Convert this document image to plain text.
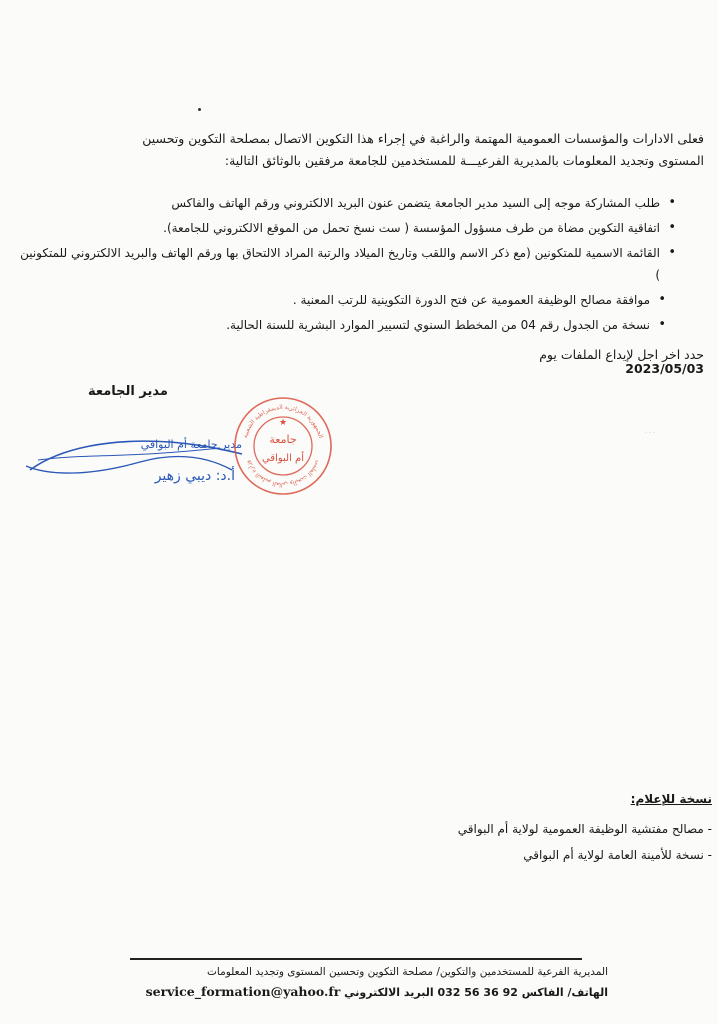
فعلى الادارات والمؤسسات العمومية المهتمة والراغبة في إجراء هذا التكوين الاتصال بمصلحة التكوين وتحسين

المستوى وتجديد المعلومات بالمديرية الفرعيـــة للمستخدمين للجامعة مرفقين بالوثائق التالية:

• طلب المشاركة موجه إلى السيد مدير الجامعة يتضمن عنون البريد الالكتروني ورقم الهاتف والفاكس
• اتفاقية التكوين مضاة من طرف مسؤول المؤسسة ( ست نسخ تحمل من الموقع الالكتروني للجامعة).
• القائمة الاسمية للمتكونين (مع ذكر الاسم واللقب وتاريخ الميلاد والرتبة المراد الالتحاق بها ورقم الهاتف والبريد الالكتروني للمتكونين )
• موافقة مصالح الوظيفة العمومية عن فتح الدورة التكوينية للرتب المعنية .
• نسخة من الجدول رقم 04 من المخطط السنوي لتسيير الموارد البشرية للسنة الحالية.
حدد اخر اجل لإيداع الملفات يوم
2023/05/03
مدير الجامعة
مدير جامعة أم البواقي
أ.د: ديبي زهير
الجمهورية الجزائرية الديمقراطية الشعبية
وزارة التعليم العالي والبحث العلمي
★
جامعة
أم البواقي
· · ·
نسخة للإعلام:
- مصالح مفتشية الوظيفة العمومية لولاية أم البواقي
- نسخة للأمينة العامة لولاية أم البواقي
المديرية الفرعية للمستخدمين والتكوين/ مصلحة التكوين وتحسين المستوى وتجديد المعلومات
الهاتف/ الفاكس 92 36 56 032 البريد الالكتروني service_formation@yahoo.fr
